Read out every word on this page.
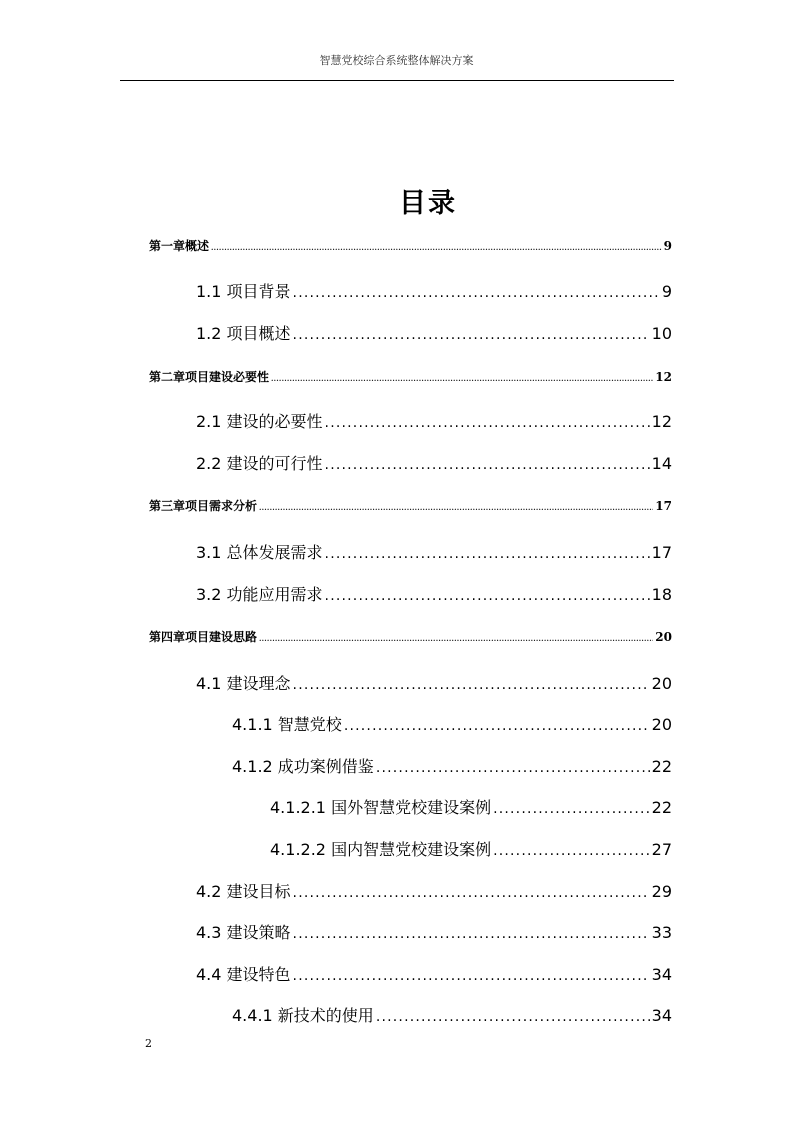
智慧党校综合系统整体解决方案
目录
第一章概述 .....	9
1.1 项目背景 .....	9
1.2 项目概述 .....	10
第二章项目建设必要性 .....	12
2.1 建设的必要性 .....	12
2.2 建设的可行性 .....	14
第三章项目需求分析 .....	17
3.1 总体发展需求 .....	17
3.2 功能应用需求 .....	18
第四章项目建设思路 .....	20
4.1 建设理念 .....	20
4.1.1 智慧党校 .....	20
4.1.2 成功案例借鉴 .....	22
4.1.2.1 国外智慧党校建设案例 .....	22
4.1.2.2 国内智慧党校建设案例 .....	27
4.2 建设目标 .....	29
4.3 建设策略 .....	33
4.4 建设特色 .....	34
4.4.1 新技术的使用 .....	34
2
